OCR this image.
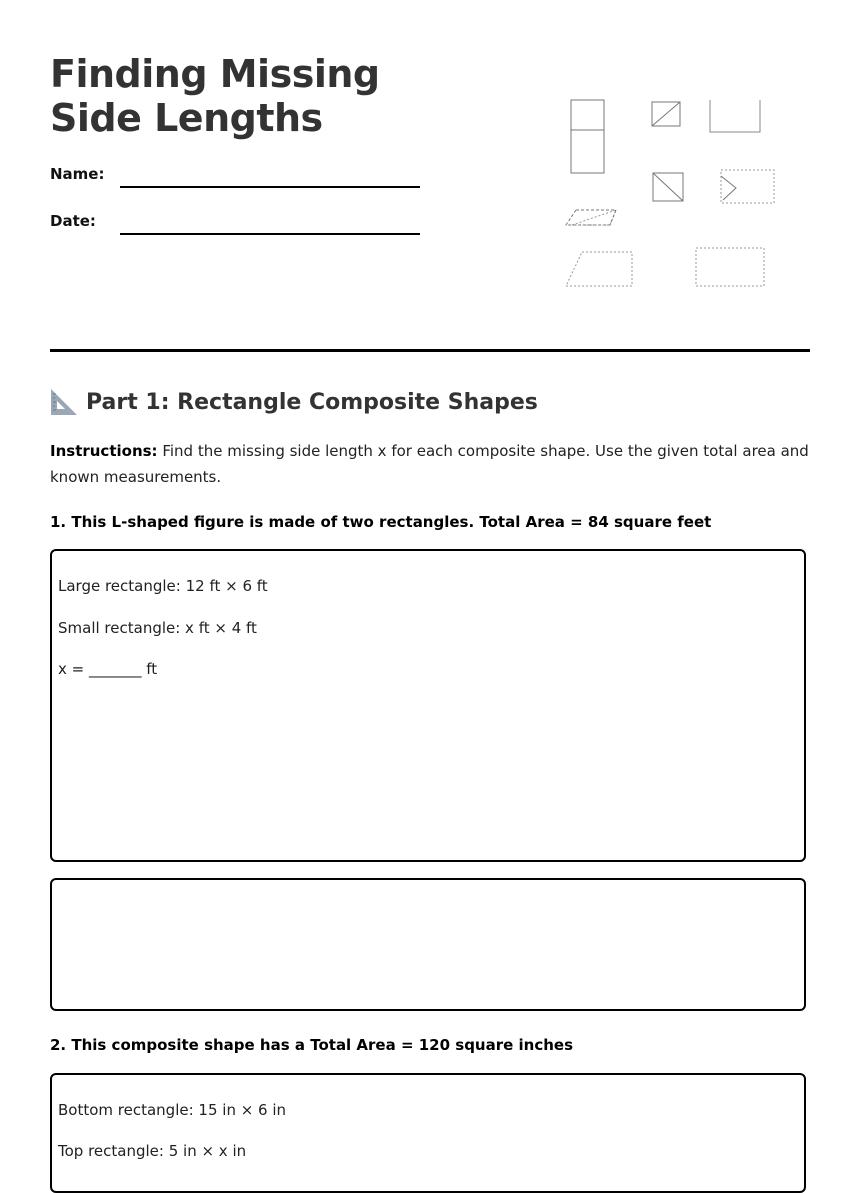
Finding Missing Side Lengths
Name:
Date:
Part 1: Rectangle Composite Shapes

Instructions: Find the missing side length x for each composite shape. Use the given total area and known measurements.

1. This L-shaped figure is made of two rectangles. Total Area = 84 square feet
Large rectangle: 12 ft × 6 ft
Small rectangle: x ft × 4 ft
x = _______ ft
2. This composite shape has a Total Area = 120 square inches
Bottom rectangle: 15 in × 6 in
Top rectangle: 5 in × x in
